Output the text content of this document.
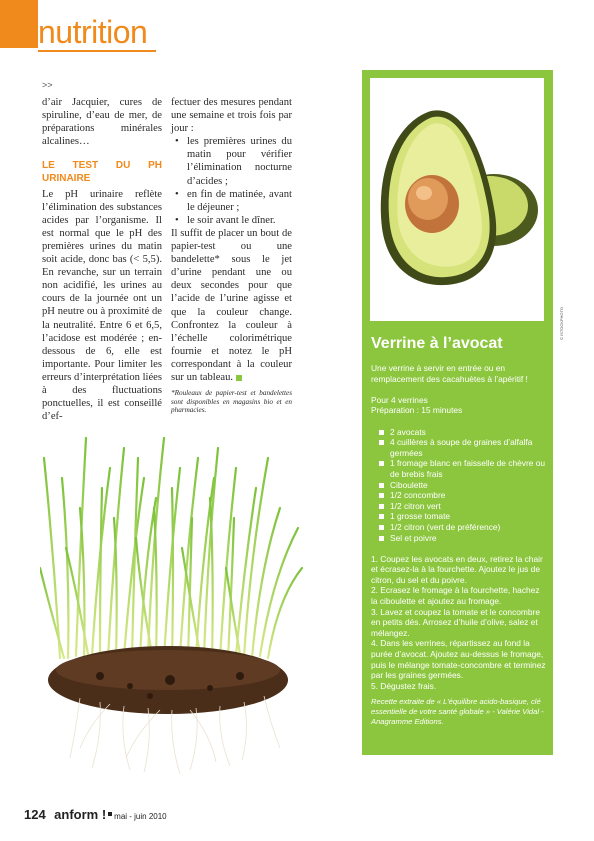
nutrition
>>

d’air Jacquier, cures de spiruline, d’eau de mer, de préparations minérales alcalines…

LE TEST DU PH URINAIRE

Le pH urinaire reflète l’élimination des substances acides par l’organisme. Il est normal que le pH des premières urines du matin soit acide, donc bas (< 5,5). En revanche, sur un terrain non acidifié, les urines au cours de la journée ont un pH neutre ou à proximité de la neutralité. Entre 6 et 6,5, l’acidose est modérée ; en-dessous de 6, elle est importante. Pour limiter les erreurs d’interprétation liées à des fluctuations ponctuelles, il est conseillé d’ef-

fectuer des mesures pendant une semaine et trois fois par jour :

• les premières urines du matin pour vérifier l’élimination nocturne d’acides ;
• en fin de matinée, avant le déjeuner ;
• le soir avant le dîner.

Il suffit de placer un bout de papier-test ou une bandelette* sous le jet d’urine pendant une ou deux secondes pour que l’acide de l’urine agisse et que la couleur change. Confrontez la couleur à l’échelle colorimétrique fournie et notez le pH correspondant à la couleur sur un tableau.

*Rouleaux de papier-test et bandelettes sont disponibles en magasins bio et en pharmacies.

Verrine à l’avocat

Une verrine à servir en entrée ou en remplacement des cacahuètes à l’apéritif !

Pour 4 verrines
Préparation : 15 minutes

2 avocats
4 cuillères à soupe de graines d’alfalfa germées
1 fromage blanc en faisselle de chèvre ou de brebis frais
Ciboulette
1/2 concombre
1/2 citron vert
1 grosse tomate
1/2 citron (vert de préférence)
Sel et poivre

1. Coupez les avocats en deux, retirez la chair et écrasez-la à la fourchette. Ajoutez le jus de citron, du sel et du poivre.

2. Ecrasez le fromage à la fourchette, hachez la ciboulette et ajoutez au fromage.

3. Lavez et coupez la tomate et le concombre en petits dés. Arrosez d’huile d’olive, salez et mélangez.

4. Dans les verrines, répartissez au fond la purée d’avocat. Ajoutez au-dessus le fromage, puis le mélange tomate-concombre et terminez par les graines germées.

5. Dégustez frais.

Recette extraite de « L’équilibre acido-basique, clé essentielle de votre santé globale » - Valérie Vidal - Anagramme Editions.

© ISTOCKPHOTO
124 anform ! mai - juin 2010
